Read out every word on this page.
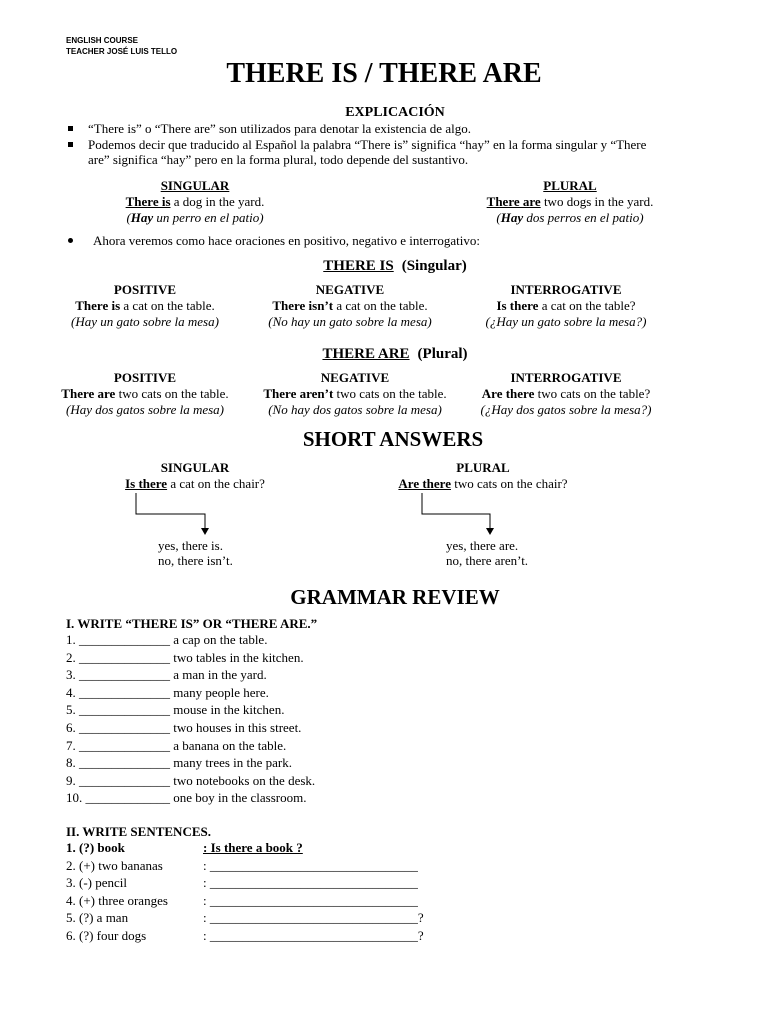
ENGLISH COURSE
TEACHER JOSÉ LUIS TELLO
THERE IS / THERE ARE
EXPLICACIÓN
“There is” o “There are” son utilizados para denotar la existencia de algo.
Podemos decir que traducido al Español la palabra “There is” significa “hay” en la forma singular y “There
are” significa “hay” pero en la forma plural, todo depende del sustantivo.
SINGULAR
There is a dog in the yard.
(Hay un perro en el patio)
PLURAL
There are two dogs in the yard.
(Hay dos perros en el patio)
Ahora veremos como hace oraciones en positivo, negativo e interrogativo:
THERE IS (Singular)
POSITIVE
There is a cat on the table.
(Hay un gato sobre la mesa)
NEGATIVE
There isn’t a cat on the table.
(No hay un gato sobre la mesa)
INTERROGATIVE
Is there a cat on the table?
(¿Hay un gato sobre la mesa?)
THERE ARE (Plural)
POSITIVE
There are two cats on the table.
(Hay dos gatos sobre la mesa)
NEGATIVE
There aren’t two cats on the table.
(No hay dos gatos sobre la mesa)
INTERROGATIVE
Are there two cats on the table?
(¿Hay dos gatos sobre la mesa?)
SHORT ANSWERS
SINGULAR
Is there a cat on the chair?
PLURAL
Are there two cats on the chair?
yes, there is.
no, there isn’t.
yes, there are.
no, there aren’t.
GRAMMAR REVIEW
I. WRITE “THERE IS” OR “THERE ARE.”
1. ______________ a cap on the table.
2. ______________ two tables in the kitchen.
3. ______________ a man in the yard.
4. ______________ many people here.
5. ______________ mouse in the kitchen.
6. ______________ two houses in this street.
7. ______________ a banana on the table.
8. ______________ many trees in the park.
9. ______________ two notebooks on the desk.
10. _____________ one boy in the classroom.
II. WRITE SENTENCES.
1. (?) book	: Is there a book ?
2. (+) two bananas	: ________________________________
3. (-) pencil	: ________________________________
4. (+) three oranges	: ________________________________
5. (?) a man	: ________________________________?
6. (?) four dogs	: ________________________________?
